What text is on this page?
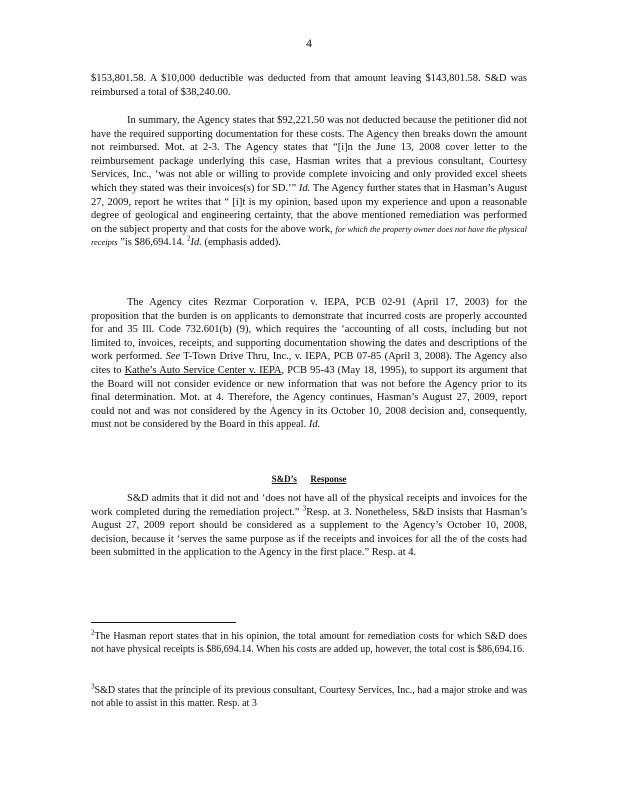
4

$153,801.58. A $10,000 deductible was deducted from that amount leaving $143,801.58. S&D was reimbursed a total of $38,240.00.

In summary, the Agency states that $92,221.50 was not deducted because the petitioner did not have the required supporting documentation for these costs. The Agency then breaks down the amount not reimbursed. Mot. at 2-3. The Agency states that “[i]n the June 13, 2008 cover letter to the reimbursement package underlying this case, Hasman writes that a previous consultant, Courtesy Services, Inc., ‘was not able or willing to provide complete invoicing and only provided excel sheets which they stated was their invoices(s) for SD.’” Id. The Agency further states that in Hasman’s August 27, 2009, report he writes that “ [i]t is my opinion, based upon my experience and upon a reasonable degree of geological and engineering certainty, that the above mentioned remediation was performed on the subject property and that costs for the above work, for which the property owner does not have the physical receipts ”is $86,694.14. $^2$Id. (emphasis added).

The Agency cites Rezmar Corporation v. IEPA, PCB 02-91 (April 17, 2003) for the proposition that the burden is on applicants to demonstrate that incurred costs are properly accounted for and 35 Ill. Code 732.601(b) (9), which requires the ‘accounting of all costs, including but not limited to, invoices, receipts, and supporting documentation showing the dates and descriptions of the work performed. See T-Town Drive Thru, Inc., v. IEPA, PCB 07-85 (April 3, 2008). The Agency also cites to Kathe’s Auto Service Center v. IEPA, PCB 95-43 (May 18, 1995), to support its argument that the Board will not consider evidence or new information that was not before the Agency prior to its final determination. Mot. at 4. Therefore, the Agency continues, Hasman’s August 27, 2009, report could not and was not considered by the Agency in its October 10, 2008 decision and, consequently, must not be considered by the Board in this appeal. Id.

S&D’s Response

S&D admits that it did not and ‘does not have all of the physical receipts and invoices for the work completed during the remediation project.” $^3$Resp. at 3. Nonetheless, S&D insists that Hasman’s August 27, 2009 report should be considered as a supplement to the Agency’s October 10, 2008, decision, because it ‘serves the same purpose as if the receipts and invoices for all the of the costs had been submitted in the application to the Agency in the first place.” Resp. at 4.

$^2$The Hasman report states that in his opinion, the total amount for remediation costs for which S&D does not have physical receipts is $86,694.14. When his costs are added up, however, the total cost is $86,694.16.

$^3$S&D states that the principle of its previous consultant, Courtesy Services, Inc., had a major stroke and was not able to assist in this matter. Resp. at 3
